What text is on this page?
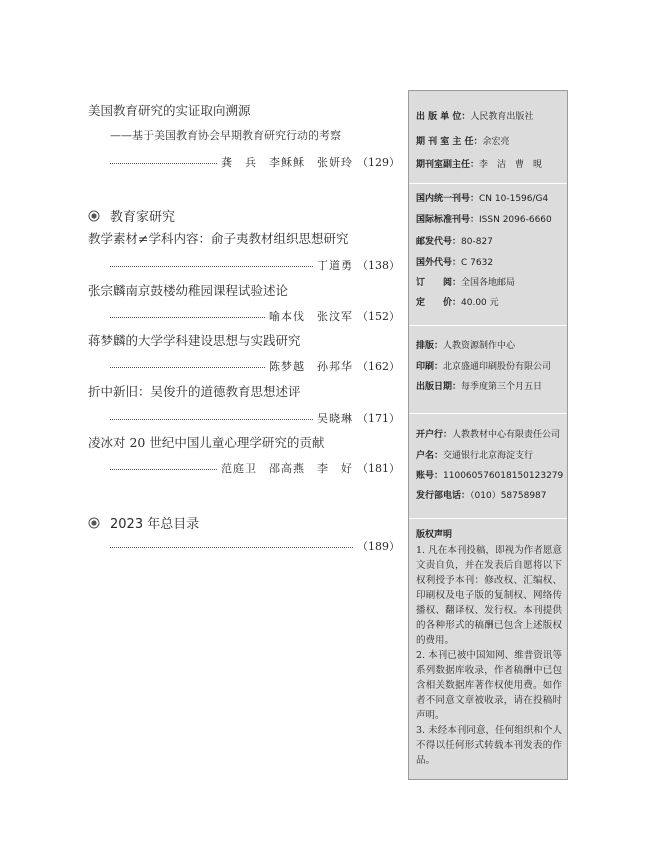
美国教育研究的实证取向溯源
——基于美国教育协会早期教育研究行动的考察
龚　兵　李稣稣　张妍玲 （129）
教育家研究
教学素材≠学科内容：俞子夷教材组织思想研究
丁道勇 （138）
张宗麟南京鼓楼幼稚园课程试验述论
喻本伐　张汶军 （152）
蒋梦麟的大学学科建设思想与实践研究
陈梦越　孙邦华 （162）
折中新旧：吴俊升的道德教育思想述评
吴晓琳 （171）
凌冰对 20 世纪中国儿童心理学研究的贡献
范庭卫　邵高燕　李　好 （181）
2023 年总目录
（189）
出 版 单 位：人民教育出版社
期 刊 室 主 任：余宏亮
期刊室副主任：李　洁　曹　晛
国内统一刊号：CN 10-1596/G4
国际标准刊号：ISSN 2096-6660
邮发代号：80-827
国外代号：C 7632
订　　阅：全国各地邮局
定　　价：40.00 元
排版：人教资源制作中心
印刷：北京盛通印刷股份有限公司
出版日期：每季度第三个月五日
开户行：人教教材中心有限责任公司
户名：交通银行北京海淀支行
账号：110060576018150123279
发行部电话：（010）58758987
版权声明

1. 凡在本刊投稿，即视为作者愿意文责自负，并在发表后自愿将以下权利授予本刊：修改权、汇编权、印刷权及电子版的复制权、网络传播权、翻译权、发行权。本刊提供的各种形式的稿酬已包含上述版权的费用。

2. 本刊已被中国知网、维普资讯等系列数据库收录，作者稿酬中已包含相关数据库著作权使用费。如作者不同意文章被收录，请在投稿时声明。

3. 未经本刊同意，任何组织和个人不得以任何形式转载本刊发表的作品。
